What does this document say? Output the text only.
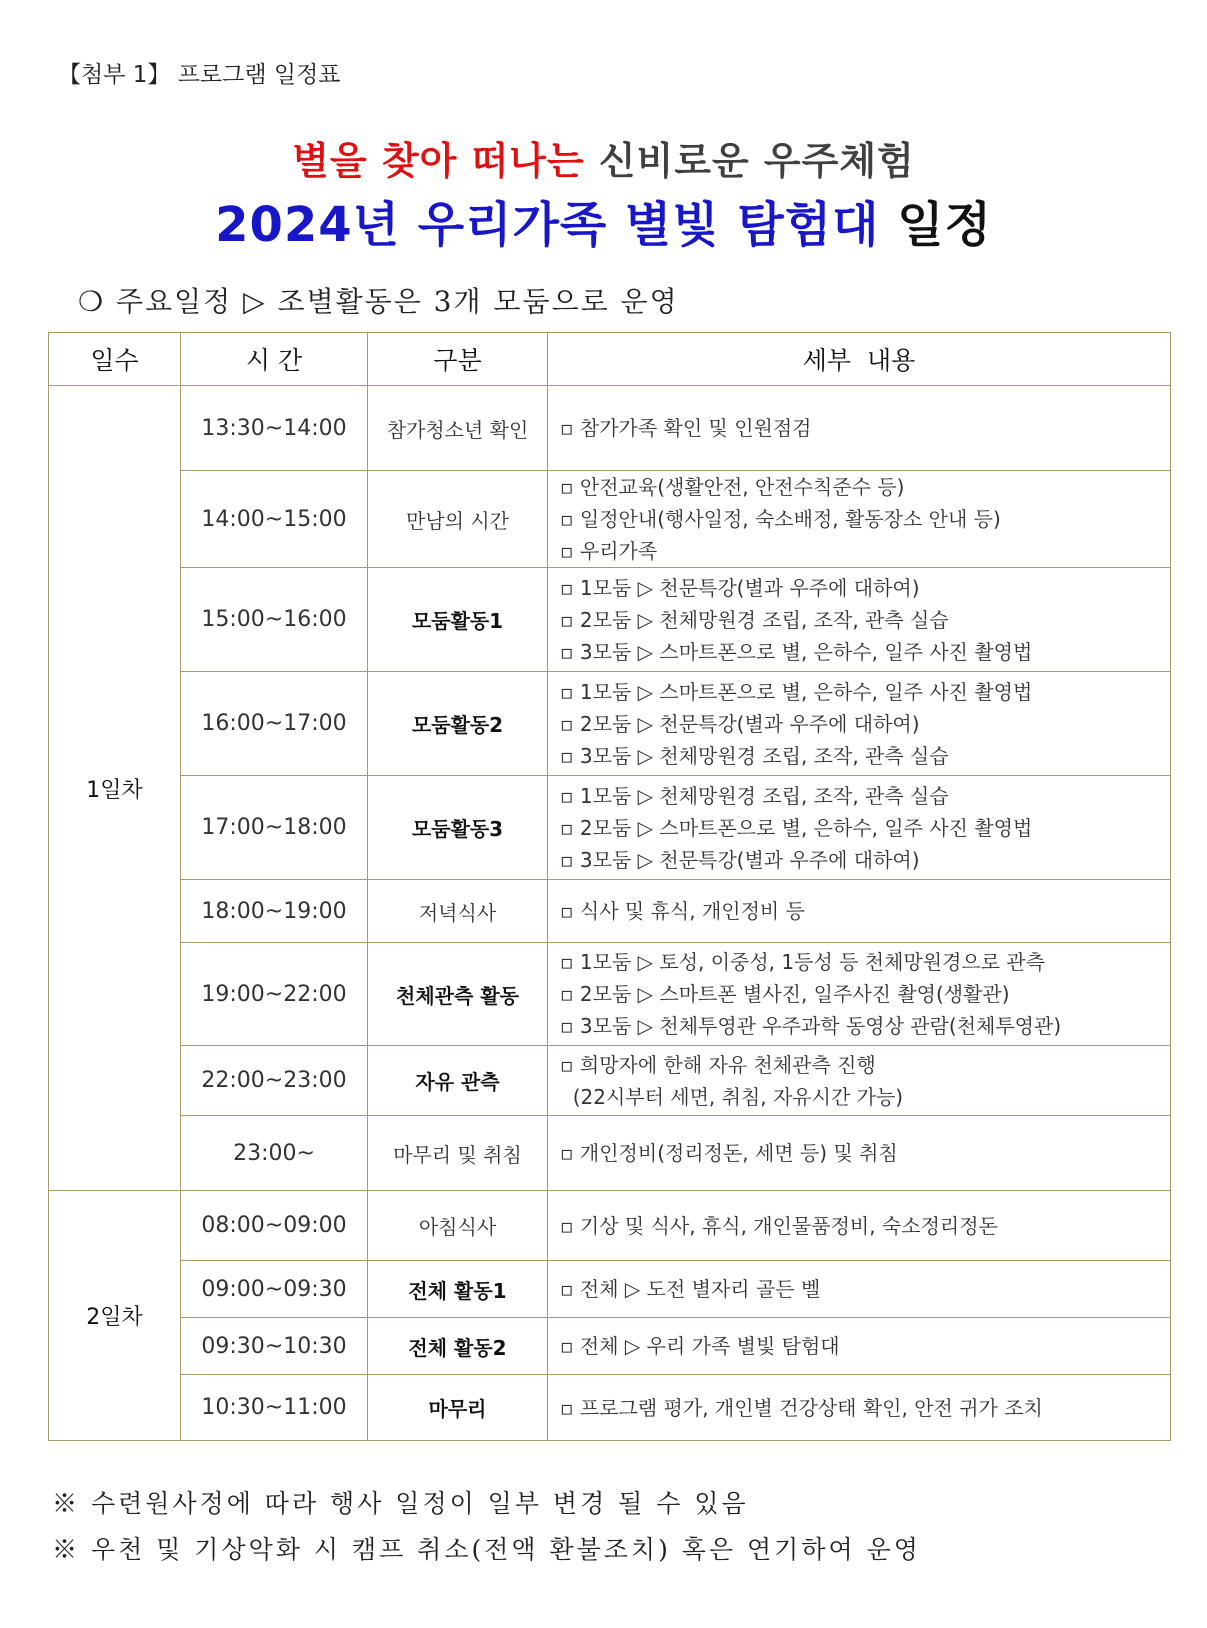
【첨부 1】 프로그램 일정표
별을 찾아 떠나는 신비로운 우주체험
2024년 우리가족 별빛 탐험대 일정
❍ 주요일정 ▷ 조별활동은 3개 모둠으로 운영
일수	시 간	구분	세부  내용
1일차	13:30~14:00	참가청소년 확인	▫ 참가가족 확인 및 인원점검

	14:00~15:00	만남의 시간	▫ 안전교육(생활안전, 안전수칙준수 등)
▫ 일정안내(행사일정, 숙소배정, 활동장소 안내 등)
▫ 우리가족

	15:00~16:00	모둠활동1	▫ 1모둠 ▷ 천문특강(별과 우주에 대하여)
▫ 2모둠 ▷ 천체망원경 조립, 조작, 관측 실습
▫ 3모둠 ▷ 스마트폰으로 별, 은하수, 일주 사진 촬영법

	16:00~17:00	모둠활동2	▫ 1모둠 ▷ 스마트폰으로 별, 은하수, 일주 사진 촬영법
▫ 2모둠 ▷ 천문특강(별과 우주에 대하여)
▫ 3모둠 ▷ 천체망원경 조립, 조작, 관측 실습

	17:00~18:00	모둠활동3	▫ 1모둠 ▷ 천체망원경 조립, 조작, 관측 실습
▫ 2모둠 ▷ 스마트폰으로 별, 은하수, 일주 사진 촬영법
▫ 3모둠 ▷ 천문특강(별과 우주에 대하여)

	18:00~19:00	저녁식사	▫ 식사 및 휴식, 개인정비 등

	19:00~22:00	천체관측 활동	▫ 1모둠 ▷ 토성, 이중성, 1등성 등 천체망원경으로 관측
▫ 2모둠 ▷ 스마트폰 별사진, 일주사진 촬영(생활관)
▫ 3모둠 ▷ 천체투영관 우주과학 동영상 관람(천체투영관)

	22:00~23:00	자유 관측	▫ 희망자에 한해 자유 천체관측 진행
(22시부터 세면, 취침, 자유시간 가능)

	23:00~	마무리 및 취침	▫ 개인정비(정리정돈, 세면 등) 및 취침

2일차	08:00~09:00	아침식사	▫ 기상 및 식사, 휴식, 개인물품정비, 숙소정리정돈

	09:00~09:30	전체 활동1	▫ 전체 ▷ 도전 별자리 골든 벨

	09:30~10:30	전체 활동2	▫ 전체 ▷ 우리 가족 별빛 탐험대

	10:30~11:00	마무리	▫ 프로그램 평가, 개인별 건강상태 확인, 안전 귀가 조치
※ 수련원사정에 따라 행사 일정이 일부 변경 될 수 있음
※ 우천 및 기상악화 시 캠프 취소(전액 환불조치) 혹은 연기하여 운영
